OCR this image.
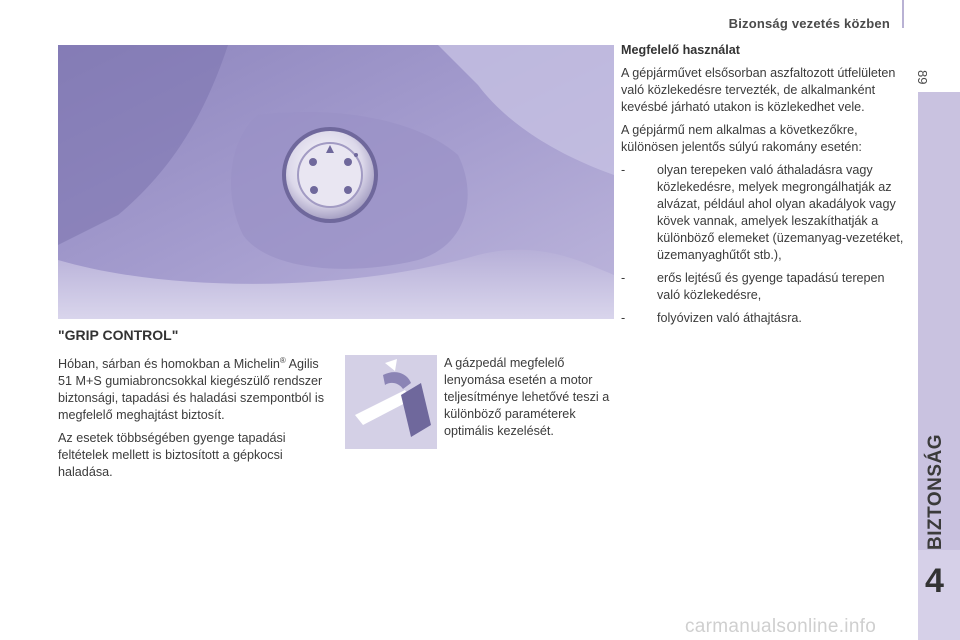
Bizonság vezetés közben
89
BIZTONSÁG
4
"GRIP CONTROL"

Hóban, sárban és homokban a Michelin® Agilis 51 M+S gumiabroncsokkal kiegészülő rendszer biztonsági, tapadási és haladási szempontból is megfelelő meghajtást biztosít.

Az esetek többségében gyenge tapadási feltételek mellett is biztosított a gépkocsi haladása.

A gázpedál megfelelő lenyomása esetén a motor teljesítménye lehetővé teszi a különböző paraméterek optimális kezelését.
Megfelelő használat

A gépjárművet elsősorban aszfaltozott útfelületen való közlekedésre tervezték, de alkalmanként kevésbé járható utakon is közlekedhet vele.

A gépjármű nem alkalmas a következőkre, különösen jelentős súlyú rakomány esetén:

-	olyan terepeken való áthaladásra vagy közlekedésre, melyek megrongálhatják az alvázat, például ahol olyan akadályok vagy kövek vannak, amelyek leszakíthatják a különböző elemeket (üzemanyag-vezetéket, üzemanyaghűtőt stb.),
-	erős lejtésű és gyenge tapadású terepen való közlekedésre,
-	folyóvizen való áthajtásra.
carmanualsonline.info
